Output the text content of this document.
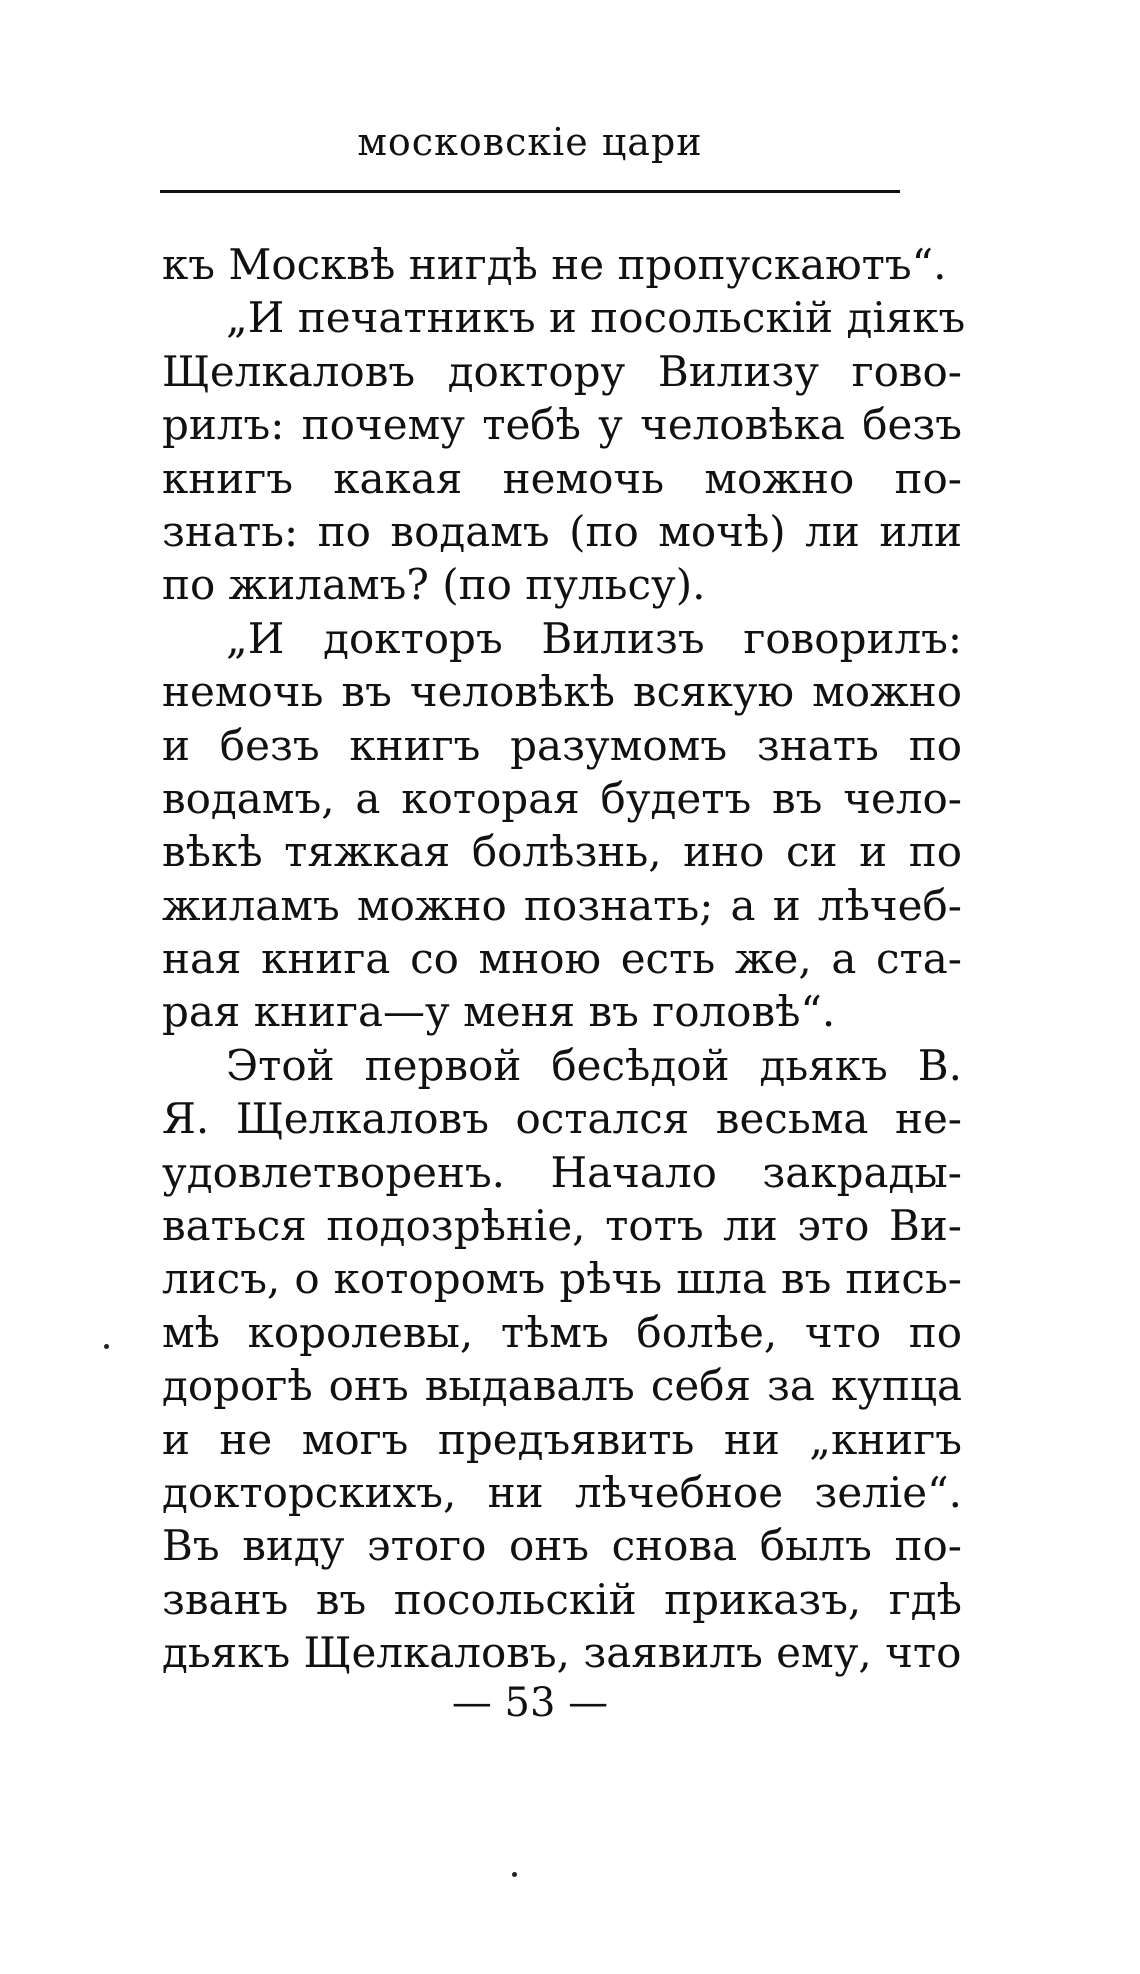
московскіе цари
къ Москвѣ нигдѣ не пропускаютъ“.
„И печатникъ и посольскій діякъ
Щелкаловъ доктору Вилизу гово-
рилъ: почему тебѣ у человѣка безъ
книгъ какая немочь можно по-
знать: по водамъ (по мочѣ) ли или
по жиламъ? (по пульсу).
„И докторъ Вилизъ говорилъ:
немочь въ человѣкѣ всякую можно
и безъ книгъ разумомъ знать по
водамъ, а которая будетъ въ чело-
вѣкѣ тяжкая болѣзнь, ино си и по
жиламъ можно познать; а и лѣчеб-
ная книга со мною есть же, а ста-
рая книга—у меня въ головѣ“.
Этой первой бесѣдой дьякъ В.
Я. Щелкаловъ остался весьма не-
удовлетворенъ. Начало закрады-
ваться подозрѣніе, тотъ ли это Ви-
лисъ, о которомъ рѣчь шла въ пись-
мѣ королевы, тѣмъ болѣе, что по
дорогѣ онъ выдавалъ себя за купца
и не могъ предъявить ни „книгъ
докторскихъ, ни лѣчебное зеліе“.
Въ виду этого онъ снова былъ по-
званъ въ посольскій приказъ, гдѣ
дьякъ Щелкаловъ, заявилъ ему, что
— 53 —
